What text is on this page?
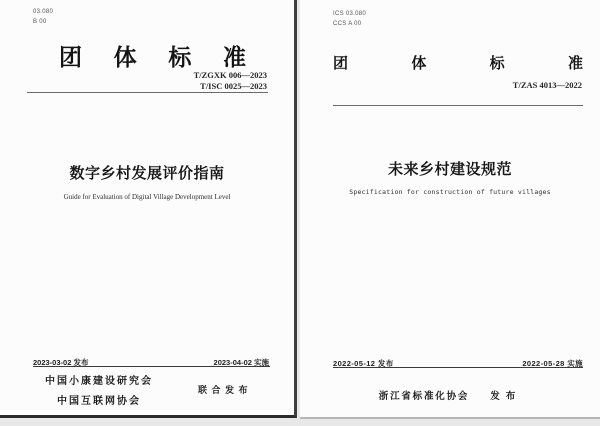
03.080
B 00
团体标准
T/ZGXK 006—2023
T/ISC 0025—2023
数字乡村发展评价指南
Guide for Evaluation of Digital Village Development Level
2023-03-02 发布	2023-04-02 实施
中国小康建设研究会
中国互联网协会
联合发布
ICS 03.080
CCS A 00
团体标准
T/ZAS 4013—2022
未来乡村建设规范
Specification for construction of future villages
2022-05-12 发布	2022-05-28 实施
浙江省标准化协会 发布
